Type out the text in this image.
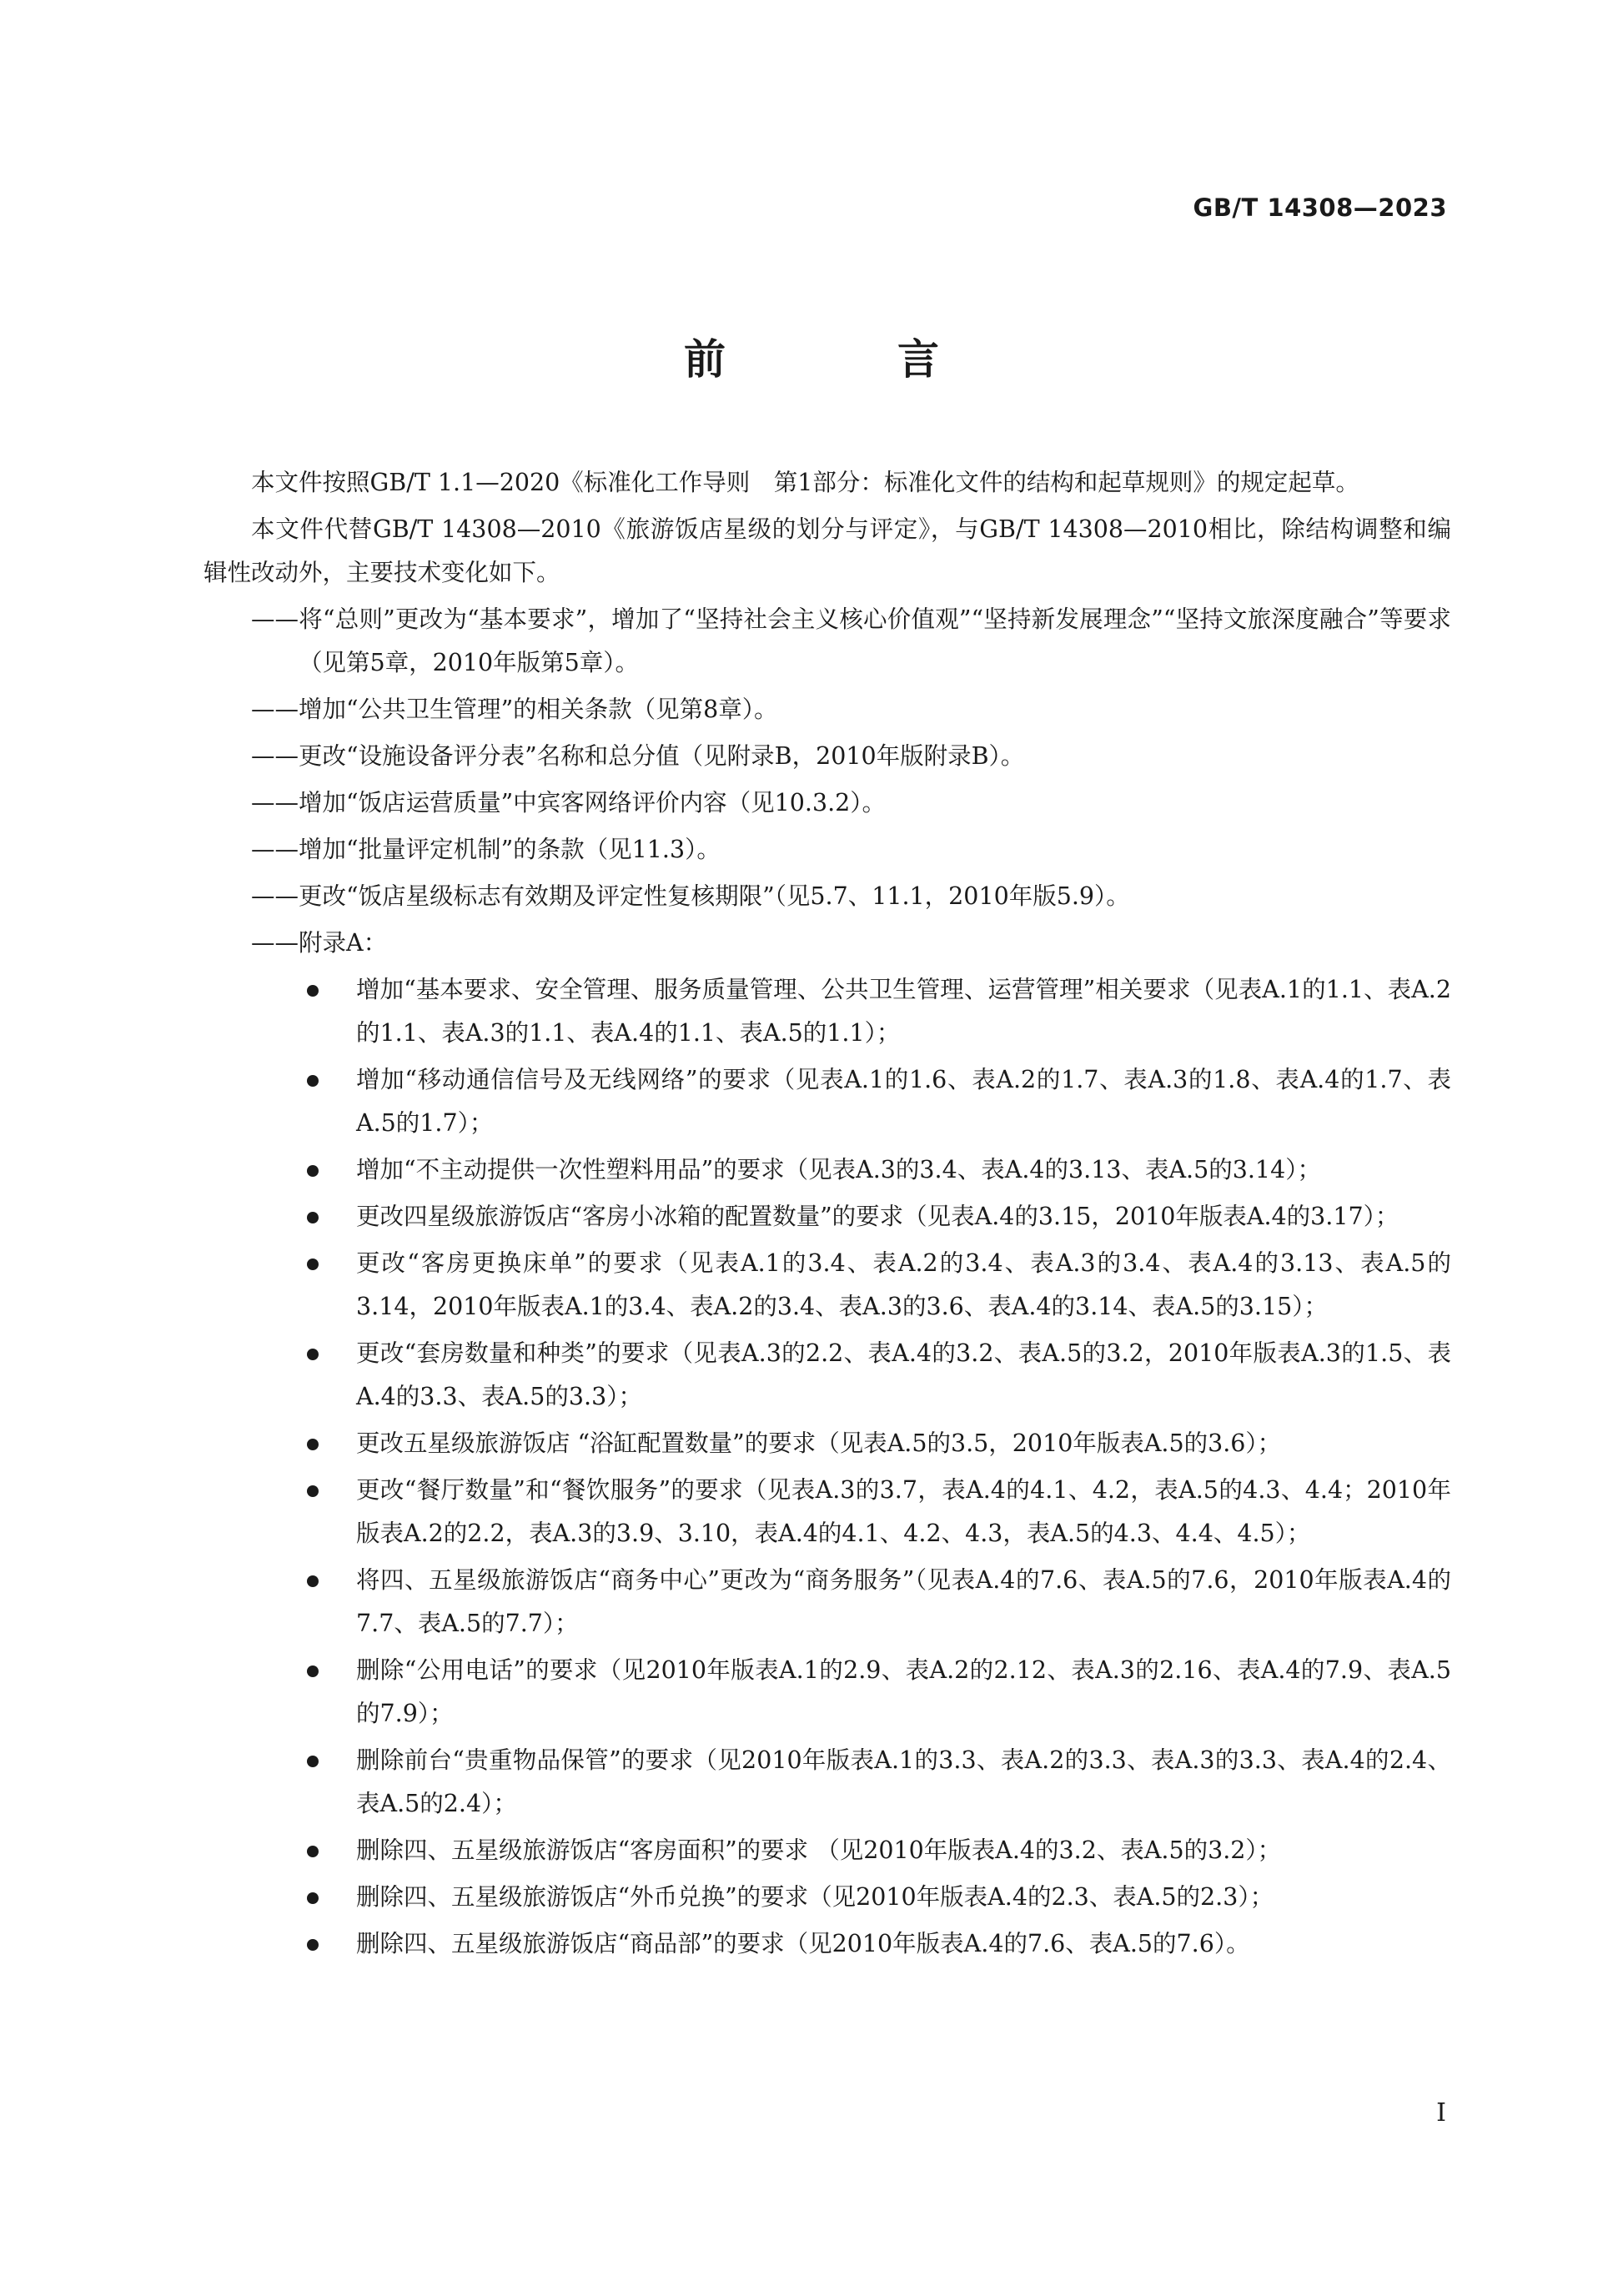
GB/T 14308—2023
前　言

本文件按照GB/T 1.1—2020《标准化工作导则　第1部分：标准化文件的结构和起草规则》的规定起草。

本文件代替GB/T 14308—2010《旅游饭店星级的划分与评定》，与GB/T 14308—2010相比，除结构调整和编辑性改动外，主要技术变化如下。

——将“总则”更改为“基本要求”，增加了“坚持社会主义核心价值观”“坚持新发展理念”“坚持文旅深度融合”等要求（见第5章，2010年版第5章）。

——增加“公共卫生管理”的相关条款（见第8章）。

——更改“设施设备评分表”名称和总分值（见附录B，2010年版附录B）。

——增加“饭店运营质量”中宾客网络评价内容（见10.3.2）。

——增加“批量评定机制”的条款（见11.3）。

——更改“饭店星级标志有效期及评定性复核期限”（见5.7、11.1，2010年版5.9）。

——附录A：

增加“基本要求、安全管理、服务质量管理、公共卫生管理、运营管理”相关要求（见表A.1的1.1、表A.2的1.1、表A.3的1.1、表A.4的1.1、表A.5的1.1）；

增加“移动通信信号及无线网络”的要求（见表A.1的1.6、表A.2的1.7、表A.3的1.8、表A.4的1.7、表A.5的1.7）；

增加“不主动提供一次性塑料用品”的要求（见表A.3的3.4、表A.4的3.13、表A.5的3.14）；

更改四星级旅游饭店“客房小冰箱的配置数量”的要求（见表A.4的3.15，2010年版表A.4的3.17）；

更改“客房更换床单”的要求（见表A.1的3.4、表A.2的3.4、表A.3的3.4、表A.4的3.13、表A.5的3.14，2010年版表A.1的3.4、表A.2的3.4、表A.3的3.6、表A.4的3.14、表A.5的3.15）；

更改“套房数量和种类”的要求（见表A.3的2.2、表A.4的3.2、表A.5的3.2，2010年版表A.3的1.5、表A.4的3.3、表A.5的3.3）；

更改五星级旅游饭店 “浴缸配置数量”的要求（见表A.5的3.5，2010年版表A.5的3.6）；

更改“餐厅数量”和“餐饮服务”的要求（见表A.3的3.7，表A.4的4.1、4.2，表A.5的4.3、4.4；2010年版表A.2的2.2，表A.3的3.9、3.10，表A.4的4.1、4.2、4.3，表A.5的4.3、4.4、4.5）；

将四、五星级旅游饭店“商务中心”更改为“商务服务”（见表A.4的7.6、表A.5的7.6，2010年版表A.4的7.7、表A.5的7.7）；

删除“公用电话”的要求（见2010年版表A.1的2.9、表A.2的2.12、表A.3的2.16、表A.4的7.9、表A.5的7.9）；

删除前台“贵重物品保管”的要求（见2010年版表A.1的3.3、表A.2的3.3、表A.3的3.3、表A.4的2.4、表A.5的2.4）；

删除四、五星级旅游饭店“客房面积”的要求 （见2010年版表A.4的3.2、表A.5的3.2）；

删除四、五星级旅游饭店“外币兑换”的要求（见2010年版表A.4的2.3、表A.5的2.3）；

删除四、五星级旅游饭店“商品部”的要求（见2010年版表A.4的7.6、表A.5的7.6）。

I
